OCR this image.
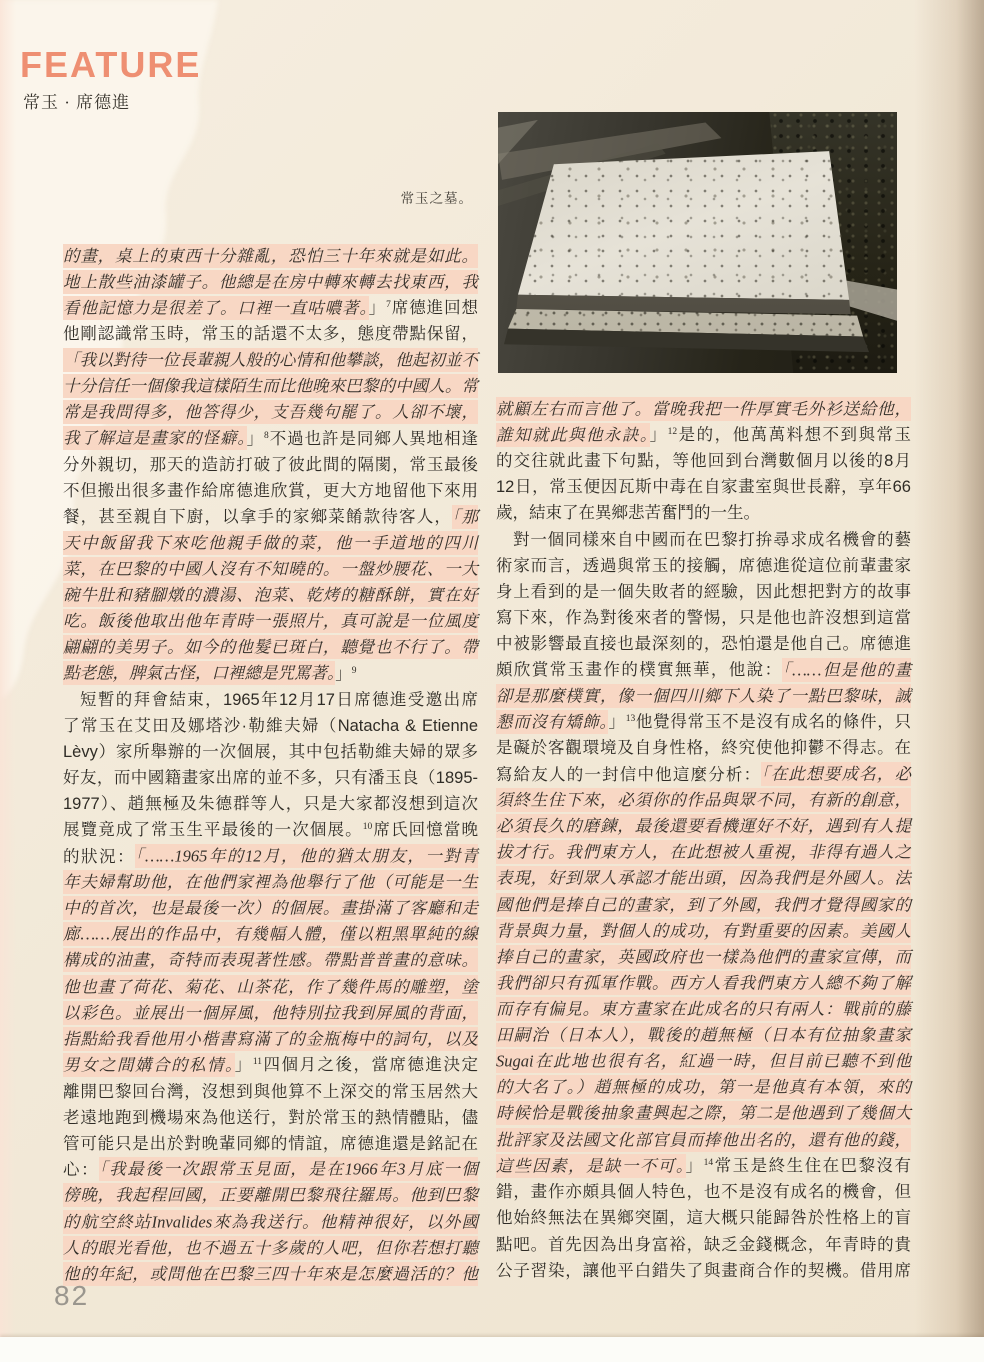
FEATURE
常玉 · 席德進
常玉之墓。
的畫，桌上的東西十分雜亂，恐怕三十年來就是如此。
地上散些油漆罐子。他總是在房中轉來轉去找東西，我
看他記憶力是很差了。口裡一直咕噥著。」$^7$席德進回想
他剛認識常玉時，常玉的話還不太多，態度帶點保留，
「我以對待一位長輩親人般的心情和他攀談，他起初並不
十分信任一個像我這樣陌生而比他晚來巴黎的中國人。常
常是我問得多，他答得少，支吾幾句罷了。人卻不壞，
我了解這是畫家的怪癖。」$^8$不過也許是同鄉人異地相逢
分外親切，那天的造訪打破了彼此間的隔閡，常玉最後
不但搬出很多畫作給席德進欣賞，更大方地留他下來用
餐，甚至親自下廚，以拿手的家鄉菜餚款待客人，「那
天中飯留我下來吃他親手做的菜，他一手道地的四川
菜，在巴黎的中國人沒有不知曉的。一盤炒腰花、一大
碗牛肚和豬腳燉的濃湯、泡菜、乾烤的糖酥餅，實在好
吃。飯後他取出他年青時一張照片，真可說是一位風度
翩翩的美男子。如今的他髮已斑白，聽覺也不行了。帶
點老態，脾氣古怪，口裡總是咒罵著。」$^9$
短暫的拜會結束，1965年12月17日席德進受邀出席
了常玉在艾田及娜塔沙·勒維夫婦（Natacha & Etienne
Lèvy）家所舉辦的一次個展，其中包括勒維夫婦的眾多
好友，而中國籍畫家出席的並不多，只有潘玉良（1895-
1977）、趙無極及朱德群等人，只是大家都沒想到這次
展覽竟成了常玉生平最後的一次個展。$^{10}$席氏回憶當晚
的狀況：「……1965年的12月，他的猶太朋友，一對青
年夫婦幫助他，在他們家裡為他舉行了他（可能是一生
中的首次，也是最後一次）的個展。畫掛滿了客廳和走
廊……展出的作品中，有幾幅人體，僅以粗黑單純的線
構成的油畫，奇特而表現著性感。帶點普普畫的意味。
他也畫了荷花、菊花、山茶花，作了幾件馬的雕塑，塗
以彩色。並展出一個屏風，他特別拉我到屏風的背面，
指點給我看他用小楷書寫滿了的金瓶梅中的詞句，以及
男女之間媾合的私情。」$^{11}$四個月之後，當席德進決定
離開巴黎回台灣，沒想到與他算不上深交的常玉居然大
老遠地跑到機場來為他送行，對於常玉的熱情體貼，儘
管可能只是出於對晚輩同鄉的情誼，席德進還是銘記在
心：「我最後一次跟常玉見面，是在1966年3月底一個
傍晚，我起程回國，正要離開巴黎飛往羅馬。他到巴黎
的航空終站Invalides來為我送行。他精神很好，以外國
人的眼光看他，也不過五十多歲的人吧，但你若想打聽
他的年紀，或問他在巴黎三四十年來是怎麼過活的？他
就顧左右而言他了。當晚我把一件厚實毛外衫送給他，
誰知就此與他永訣。」$^{12}$是的，他萬萬料想不到與常玉
的交往就此畫下句點，等他回到台灣數個月以後的8月
12日，常玉便因瓦斯中毒在自家畫室與世長辭，享年66
歲，結束了在異鄉悲苦奮鬥的一生。
對一個同樣來自中國而在巴黎打拚尋求成名機會的藝
術家而言，透過與常玉的接觸，席德進從這位前輩畫家
身上看到的是一個失敗者的經驗，因此想把對方的故事
寫下來，作為對後來者的警惕，只是他也許沒想到這當
中被影響最直接也最深刻的，恐怕還是他自己。席德進
頗欣賞常玉畫作的樸實無華，他說：「……但是他的畫
卻是那麼樸實，像一個四川鄉下人染了一點巴黎味，誠
懇而沒有矯飾。」$^{13}$他覺得常玉不是沒有成名的條件，只
是礙於客觀環境及自身性格，終究使他抑鬱不得志。在
寫給友人的一封信中他這麼分析：「在此想要成名，必
須終生住下來，必須你的作品與眾不同，有新的創意，
必須長久的磨鍊，最後還要看機運好不好，遇到有人提
拔才行。我們東方人，在此想被人重視，非得有過人之
表現，好到眾人承認才能出頭，因為我們是外國人。法
國他們是捧自己的畫家，到了外國，我們才覺得國家的
背景與力量，對個人的成功，有對重要的因素。美國人
捧自己的畫家，英國政府也一樣為他們的畫家宣傳，而
我們卻只有孤軍作戰。西方人看我們東方人總不夠了解
而存有偏見。東方畫家在此成名的只有兩人：戰前的藤
田嗣治（日本人），戰後的趙無極（日本有位抽象畫家
Sugai在此地也很有名，紅過一時，但目前已聽不到他
的大名了。）趙無極的成功，第一是他真有本領，來的
時候恰是戰後抽象畫興起之際，第二是他遇到了幾個大
批評家及法國文化部官員而捧他出名的，還有他的錢，
這些因素，是缺一不可。」$^{14}$常玉是終生住在巴黎沒有
錯，畫作亦頗具個人特色，也不是沒有成名的機會，但
他始終無法在異鄉突圍，這大概只能歸咎於性格上的盲
點吧。首先因為出身富裕，缺乏金錢概念，年青時的貴
公子習染，讓他平白錯失了與畫商合作的契機。借用席
82
